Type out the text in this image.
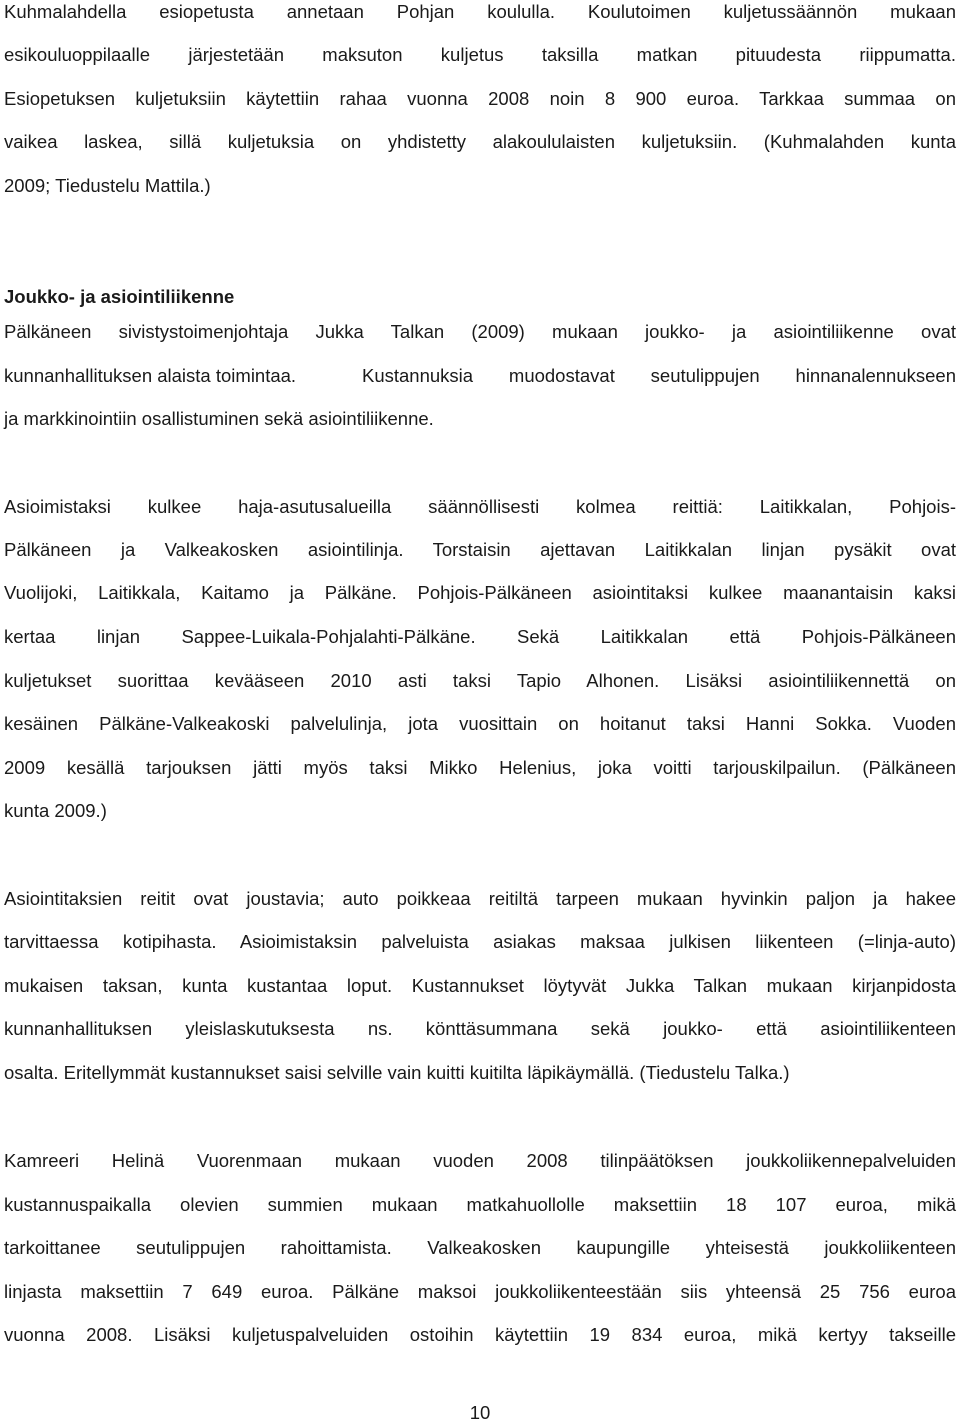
Kuhmalahdella esiopetusta annetaan Pohjan koululla. Koulutoimen kuljetussäännön mukaan
esikouluoppilaalle järjestetään maksuton kuljetus taksilla matkan pituudesta riippumatta.
Esiopetuksen kuljetuksiin käytettiin rahaa vuonna 2008 noin 8 900 euroa. Tarkkaa summaa on
vaikea laskea, sillä kuljetuksia on yhdistetty alakoululaisten kuljetuksiin. (Kuhmalahden kunta
2009; Tiedustelu Mattila.)
Joukko- ja asiointiliikenne
Pälkäneen sivistystoimenjohtaja Jukka Talkan (2009) mukaan joukko- ja asiointiliikenne ovat
kunnanhallituksen alaista toimintaa.	Kustannuksia muodostavat seutulippujen hinnanalennukseen
ja markkinointiin osallistuminen sekä asiointiliikenne.
Asioimistaksi kulkee haja-asutusalueilla säännöllisesti kolmea reittiä: Laitikkalan, Pohjois-
Pälkäneen ja Valkeakosken asiointilinja. Torstaisin ajettavan Laitikkalan linjan pysäkit ovat
Vuolijoki, Laitikkala, Kaitamo ja Pälkäne. Pohjois-Pälkäneen asiointitaksi kulkee maanantaisin kaksi
kertaa linjan Sappee-Luikala-Pohjalahti-Pälkäne. Sekä Laitikkalan että Pohjois-Pälkäneen
kuljetukset suorittaa kevääseen 2010 asti taksi Tapio Alhonen. Lisäksi asiointiliikennettä on
kesäinen Pälkäne-Valkeakoski palvelulinja, jota vuosittain on hoitanut taksi Hanni Sokka. Vuoden
2009 kesällä tarjouksen jätti myös taksi Mikko Helenius, joka voitti tarjouskilpailun. (Pälkäneen
kunta 2009.)
Asiointitaksien reitit ovat joustavia; auto poikkeaa reitiltä tarpeen mukaan hyvinkin paljon ja hakee
tarvittaessa kotipihasta. Asioimistaksin palveluista asiakas maksaa julkisen liikenteen (=linja-auto)
mukaisen taksan, kunta kustantaa loput. Kustannukset löytyvät Jukka Talkan mukaan kirjanpidosta
kunnanhallituksen yleislaskutuksesta ns. könttäsummana sekä joukko- että asiointiliikenteen
osalta. Eritellymmät kustannukset saisi selville vain kuitti kuitilta läpikäymällä. (Tiedustelu Talka.)
Kamreeri Helinä Vuorenmaan mukaan vuoden 2008 tilinpäätöksen joukkoliikennepalveluiden
kustannuspaikalla olevien summien mukaan matkahuollolle maksettiin 18 107 euroa, mikä
tarkoittanee seutulippujen rahoittamista. Valkeakosken kaupungille yhteisestä joukkoliikenteen
linjasta maksettiin 7 649 euroa. Pälkäne maksoi joukkoliikenteestään siis yhteensä 25 756 euroa
vuonna 2008. Lisäksi kuljetuspalveluiden ostoihin käytettiin 19 834 euroa, mikä kertyy takseille
10
